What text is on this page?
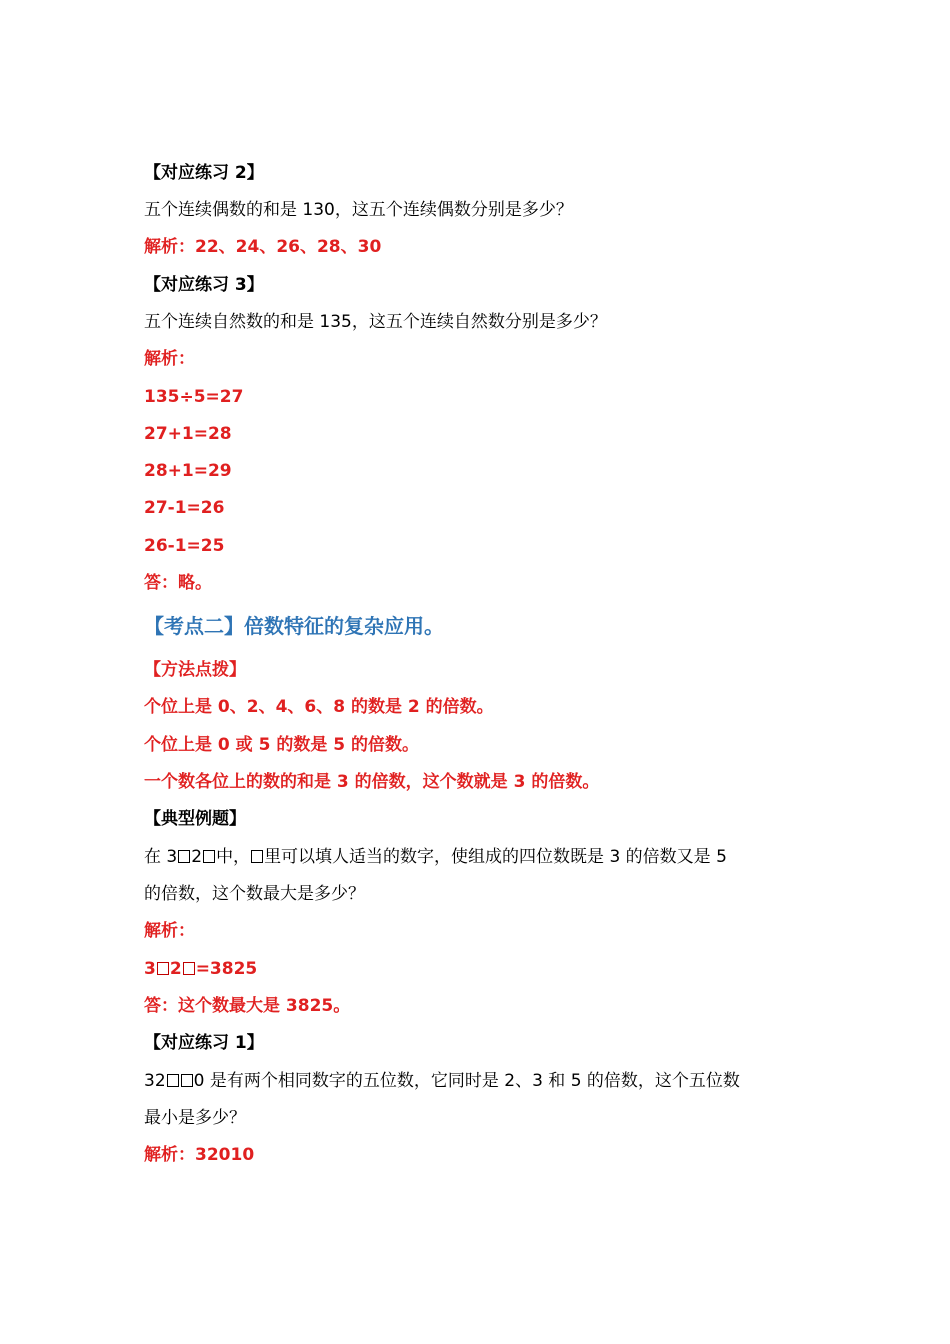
【对应练习 2】
五个连续偶数的和是 130，这五个连续偶数分别是多少？
解析：22、24、26、28、30
【对应练习 3】
五个连续自然数的和是 135，这五个连续自然数分别是多少？
解析：
135÷5=27
27+1=28
28+1=29
27-1=26
26-1=25
答：略。
【考点二】倍数特征的复杂应用。
【方法点拨】
个位上是 0、2、4、6、8 的数是 2 的倍数。
个位上是 0 或 5 的数是 5 的倍数。
一个数各位上的数的和是 3 的倍数，这个数就是 3 的倍数。
【典型例题】
在 3 2 中， 里可以填人适当的数字，使组成的四位数既是 3 的倍数又是 5
的倍数，这个数最大是多少？
解析：
3 2 =3825
答：这个数最大是 3825。
【对应练习 1】
32 0 是有两个相同数字的五位数，它同时是 2、3 和 5 的倍数，这个五位数
最小是多少？
解析：32010
